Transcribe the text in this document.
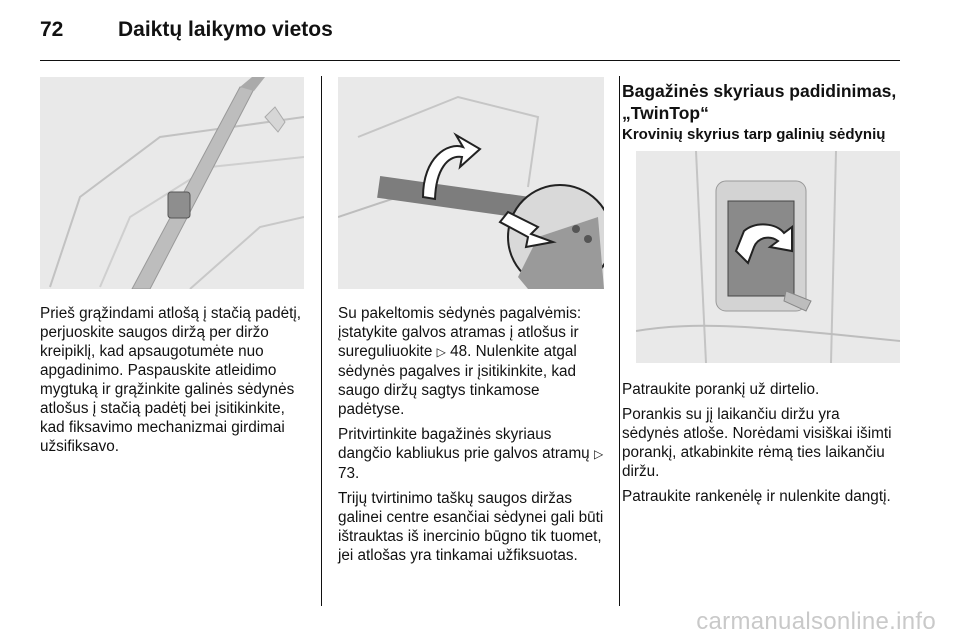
72	Daiktų laikymo vietos

Prieš grąžindami atlošą į stačią padėtį, perjuoskite saugos diržą per diržo kreipiklį, kad apsaugotumėte nuo apgadinimo. Paspauskite atleidimo mygtuką ir grąžinkite galinės sėdynės atlošus į stačią padėtį bei įsitikinkite, kad fiksavimo mechanizmai girdimai užsifiksavo.

Su pakeltomis sėdynės pagalvėmis: įstatykite galvos atramas į atlošus ir sureguliuokite ▷ 48. Nulenkite atgal sėdynės pagalves ir įsitikinkite, kad saugo diržų sagtys tinkamose padėtyse.

Pritvirtinkite bagažinės skyriaus dangčio kabliukus prie galvos atramų ▷ 73.

Trijų tvirtinimo taškų saugos diržas galinei centre esančiai sėdynei gali būti ištrauktas iš inercinio būgno tik tuomet, jei atlošas yra tinkamai užfiksuotas.

Bagažinės skyriaus padidinimas, „TwinTop“
Krovinių skyrius tarp galinių sėdynių

Patraukite porankį už dirtelio.

Porankis su jį laikančiu diržu yra sėdynės atloše. Norėdami visiškai išimti porankį, atkabinkite rėmą ties laikančiu diržu.

Patraukite rankenėlę ir nulenkite dangtį.

carmanualsonline.info
